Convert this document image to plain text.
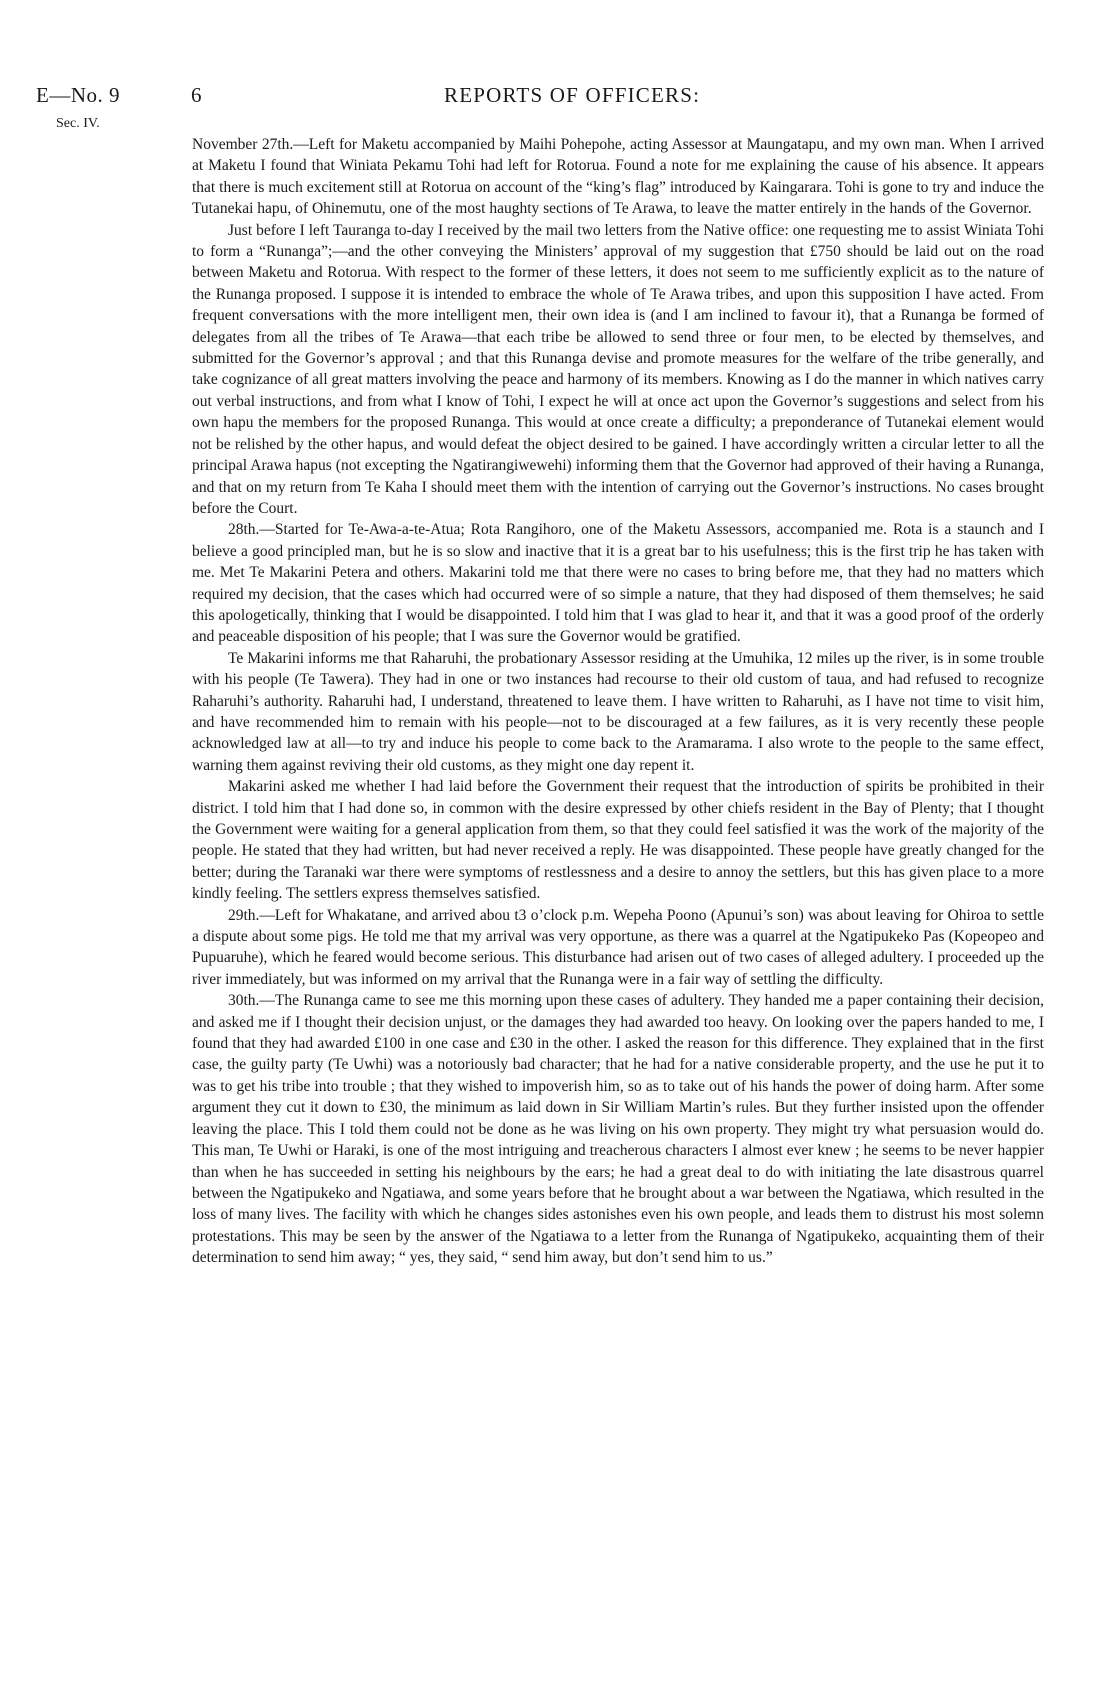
E—No. 9
Sec. IV.
6	REPORTS OF OFFICERS:

November 27th.—Left for Maketu accompanied by Maihi Pohepohe, acting Assessor at Maungatapu, and my own man. When I arrived at Maketu I found that Winiata Pekamu Tohi had left for Rotorua. Found a note for me explaining the cause of his absence. It appears that there is much excitement still at Rotorua on account of the “king’s flag” introduced by Kaingarara. Tohi is gone to try and induce the Tutanekai hapu, of Ohinemutu, one of the most haughty sections of Te Arawa, to leave the matter entirely in the hands of the Governor.

Just before I left Tauranga to-day I received by the mail two letters from the Native office: one requesting me to assist Winiata Tohi to form a “Runanga”;—and the other conveying the Ministers’ approval of my suggestion that £750 should be laid out on the road between Maketu and Rotorua. With respect to the former of these letters, it does not seem to me sufficiently explicit as to the nature of the Runanga proposed. I suppose it is intended to embrace the whole of Te Arawa tribes, and upon this supposition I have acted. From frequent conversations with the more intelligent men, their own idea is (and I am inclined to favour it), that a Runanga be formed of delegates from all the tribes of Te Arawa—that each tribe be allowed to send three or four men, to be elected by themselves, and submitted for the Governor’s approval ; and that this Runanga devise and promote measures for the welfare of the tribe generally, and take cognizance of all great matters involving the peace and harmony of its members. Knowing as I do the manner in which natives carry out verbal instructions, and from what I know of Tohi, I expect he will at once act upon the Governor’s suggestions and select from his own hapu the members for the proposed Runanga. This would at once create a difficulty; a preponderance of Tutanekai element would not be relished by the other hapus, and would defeat the object desired to be gained. I have accordingly written a circular letter to all the principal Arawa hapus (not excepting the Ngatirangiwewehi) informing them that the Governor had approved of their having a Runanga, and that on my return from Te Kaha I should meet them with the intention of carrying out the Governor’s instructions. No cases brought before the Court.

28th.—Started for Te-Awa-a-te-Atua; Rota Rangihoro, one of the Maketu Assessors, accompanied me. Rota is a staunch and I believe a good principled man, but he is so slow and inactive that it is a great bar to his usefulness; this is the first trip he has taken with me. Met Te Makarini Petera and others. Makarini told me that there were no cases to bring before me, that they had no matters which required my decision, that the cases which had occurred were of so simple a nature, that they had disposed of them themselves; he said this apologetically, thinking that I would be disappointed. I told him that I was glad to hear it, and that it was a good proof of the orderly and peaceable disposition of his people; that I was sure the Governor would be gratified.

Te Makarini informs me that Raharuhi, the probationary Assessor residing at the Umuhika, 12 miles up the river, is in some trouble with his people (Te Tawera). They had in one or two instances had recourse to their old custom of taua, and had refused to recognize Raharuhi’s authority. Raharuhi had, I understand, threatened to leave them. I have written to Raharuhi, as I have not time to visit him, and have recommended him to remain with his people—not to be discouraged at a few failures, as it is very recently these people acknowledged law at all—to try and induce his people to come back to the Aramarama. I also wrote to the people to the same effect, warning them against reviving their old customs, as they might one day repent it.

Makarini asked me whether I had laid before the Government their request that the introduction of spirits be prohibited in their district. I told him that I had done so, in common with the desire expressed by other chiefs resident in the Bay of Plenty; that I thought the Government were waiting for a general application from them, so that they could feel satisfied it was the work of the majority of the people. He stated that they had written, but had never received a reply. He was disappointed. These people have greatly changed for the better; during the Taranaki war there were symptoms of restlessness and a desire to annoy the settlers, but this has given place to a more kindly feeling. The settlers express themselves satisfied.

29th.—Left for Whakatane, and arrived abou t3 o’clock p.m. Wepeha Poono (Apunui’s son) was about leaving for Ohiroa to settle a dispute about some pigs. He told me that my arrival was very opportune, as there was a quarrel at the Ngatipukeko Pas (Kopeopeo and Pupuaruhe), which he feared would become serious. This disturbance had arisen out of two cases of alleged adultery. I proceeded up the river immediately, but was informed on my arrival that the Runanga were in a fair way of settling the difficulty.

30th.—The Runanga came to see me this morning upon these cases of adultery. They handed me a paper containing their decision, and asked me if I thought their decision unjust, or the damages they had awarded too heavy. On looking over the papers handed to me, I found that they had awarded £100 in one case and £30 in the other. I asked the reason for this difference. They explained that in the first case, the guilty party (Te Uwhi) was a notoriously bad character; that he had for a native considerable property, and the use he put it to was to get his tribe into trouble ; that they wished to impoverish him, so as to take out of his hands the power of doing harm. After some argument they cut it down to £30, the minimum as laid down in Sir William Martin’s rules. But they further insisted upon the offender leaving the place. This I told them could not be done as he was living on his own property. They might try what persuasion would do. This man, Te Uwhi or Haraki, is one of the most intriguing and treacherous characters I almost ever knew ; he seems to be never happier than when he has succeeded in setting his neighbours by the ears; he had a great deal to do with initiating the late disastrous quarrel between the Ngatipukeko and Ngatiawa, and some years before that he brought about a war between the Ngatiawa, which resulted in the loss of many lives. The facility with which he changes sides astonishes even his own people, and leads them to distrust his most solemn protestations. This may be seen by the answer of the Ngatiawa to a letter from the Runanga of Ngatipukeko, acquainting them of their determination to send him away; “ yes, they said, “ send him away, but don’t send him to us.”
